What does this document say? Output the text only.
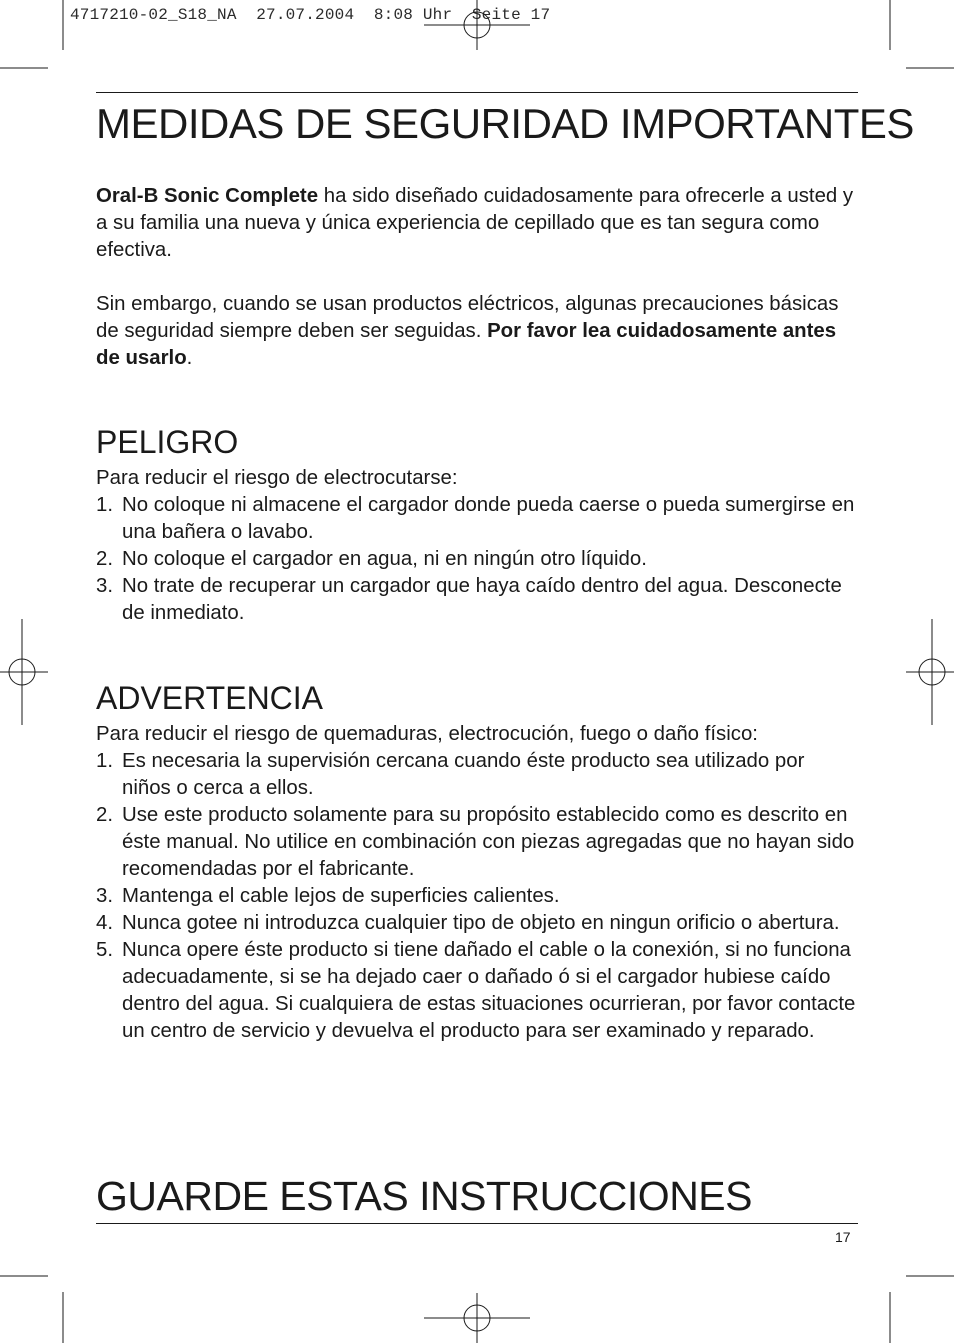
4717210-02_S18_NA  27.07.2004  8:08 Uhr  Seite 17
MEDIDAS DE SEGURIDAD IMPORTANTES

Oral-B Sonic Complete ha sido diseñado cuidadosamente para ofrecerle a usted y a su familia una nueva y única experiencia de cepillado que es tan segura como efectiva.

Sin embargo, cuando se usan productos eléctricos, algunas precauciones básicas de seguridad siempre deben ser seguidas. Por favor lea cuidadosamente antes de usarlo.

PELIGRO

Para reducir el riesgo de electrocutarse:

1. No coloque ni almacene el cargador donde pueda caerse o pueda sumergirse en una bañera o lavabo.
2. No coloque el cargador en agua, ni en ningún otro líquido.
3. No trate de recuperar un cargador que haya caído dentro del agua. Desconecte de inmediato.
ADVERTENCIA

Para reducir el riesgo de quemaduras, electrocución, fuego o daño físico:

1. Es necesaria la supervisión cercana cuando éste producto sea utilizado por niños o cerca a ellos.
2. Use este producto solamente para su propósito establecido como es descrito en éste manual. No utilice en combinación con piezas agregadas que no hayan sido recomendadas por el fabricante.
3. Mantenga el cable lejos de superficies calientes.
4. Nunca gotee ni introduzca cualquier tipo de objeto en ningun orificio o abertura.
5. Nunca opere éste producto si tiene dañado el cable o la conexión, si no funciona adecuadamente, si se ha dejado caer o dañado ó si el cargador hubiese caído dentro del agua. Si cualquiera de estas situaciones ocurrieran, por favor contacte un centro de servicio y devuelva el producto para ser examinado y reparado.
GUARDE ESTAS INSTRUCCIONES
17
